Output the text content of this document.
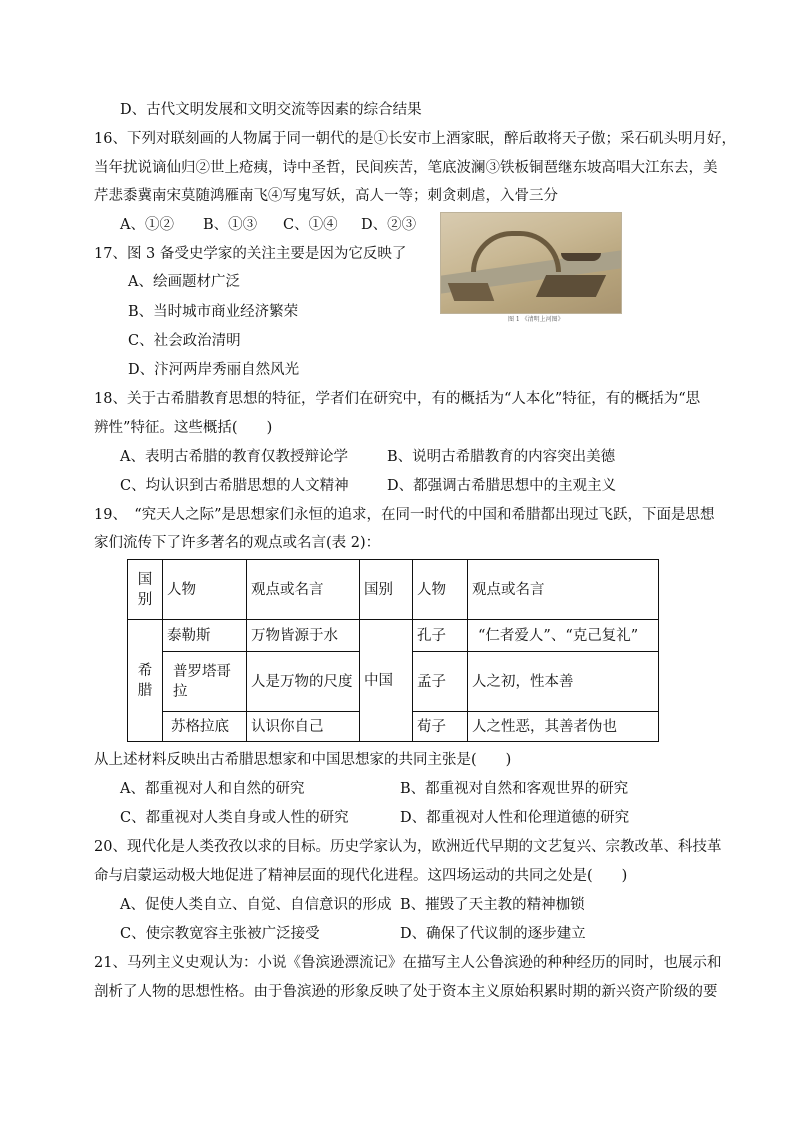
D、古代文明发展和文明交流等因素的综合结果
16、下列对联刻画的人物属于同一朝代的是①长安市上酒家眠，醉后敢将天子傲；采石矶头明月好，
当年扰说谪仙归②世上疮痍，诗中圣哲，民间疾苦，笔底波澜③铁板铜琶继东坡高唱大江东去，美
芹悲黍冀南宋莫随鸿雁南飞④写鬼写妖，高人一等；刺贪刺虐，入骨三分
A、①② B、①③ C、①④ D、②③
图 1 《清明上河图》
17、图 3 备受史学家的关注主要是因为它反映了
A、绘画题材广泛
B、当时城市商业经济繁荣
C、社会政治清明
D、汴河两岸秀丽自然风光
18、关于古希腊教育思想的特征，学者们在研究中，有的概括为“人本化”特征，有的概括为“思
辨性”特征。这些概括(　　)
A、表明古希腊的教育仅教授辩论学	B、说明古希腊教育的内容突出美德
C、均认识到古希腊思想的人文精神	D、都强调古希腊思想中的主观主义
19、　“究天人之际”是思想家们永恒的追求，在同一时代的中国和希腊都出现过飞跃，下面是思想
家们流传下了许多著名的观点或名言(表 2)：
国别	人物	观点或名言	国别	人物	观点或名言
希腊	泰勒斯	万物皆源于水	中国	孔子	“仁者爱人”、“克己复礼”
	普罗塔哥拉	人是万物的尺度		孟子	人之初，性本善
	苏格拉底	认识你自己		荀子	人之性恶，其善者伪也
从上述材料反映出古希腊思想家和中国思想家的共同主张是(　　)
A、都重视对人和自然的研究	B、都重视对自然和客观世界的研究
C、都重视对人类自身或人性的研究	D、都重视对人性和伦理道德的研究
20、现代化是人类孜孜以求的目标。历史学家认为，欧洲近代早期的文艺复兴、宗教改革、科技革
命与启蒙运动极大地促进了精神层面的现代化进程。这四场运动的共同之处是(　　)
A、促使人类自立、自觉、自信意识的形成 B、摧毁了天主教的精神枷锁
C、使宗教宽容主张被广泛接受	D、确保了代议制的逐步建立
21、马列主义史观认为：小说《鲁滨逊漂流记》在描写主人公鲁滨逊的种种经历的同时，也展示和
剖析了人物的思想性格。由于鲁滨逊的形象反映了处于资本主义原始积累时期的新兴资产阶级的要
